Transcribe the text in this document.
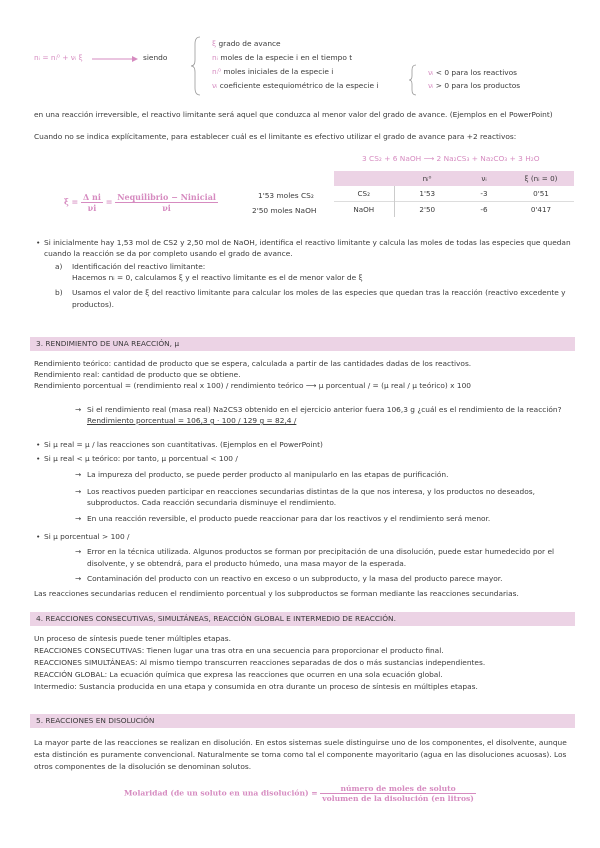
nᵢ = nᵢ⁰ + νᵢ ξ	siendo
ξ grado de avance
nᵢ moles de la especie i en el tiempo t
nᵢ⁰ moles iniciales de la especie i
νᵢ coeficiente estequiométrico de la especie i
νᵢ < 0 para los reactivos
νᵢ > 0 para los productos
en una reacción irreversible, el reactivo limitante será aquel que conduzca al menor valor del grado de avance. (Ejemplos en el PowerPoint)
Cuando no se indica explícitamente, para establecer cuál es el limitante es efectivo utilizar el grado de avance para +2 reactivos:
3 CS₂ + 6 NaOH ⟶ 2 Na₂CS₃ + Na₂CO₃ + 3 H₂O
$\xi = \frac{\text{Δ ni}}{\nu i} = \frac{\text{Nequilibrio − Ninicial}}{\nu i}$	1'53 moles CS₂
2'50 moles NaOH
	nᵢ⁰	νᵢ	ξ (nᵢ = 0)
CS₂	1'53	-3	0'51
NaOH	2'50	-6	0'417
• Si inicialmente hay 1,53 mol de CS2 y 2,50 mol de NaOH, identifica el reactivo limitante y calcula las moles de todas las especies que quedan
cuando la reacción se da por completo usando el grado de avance.
a) Identificación del reactivo limitante:
Hacemos nᵢ = 0, calculamos ξ y el reactivo limitante es el de menor valor de ξ
b) Usamos el valor de ξ del reactivo limitante para calcular los moles de las especies que quedan tras la reacción (reactivo excedente y
productos).
3. RENDIMIENTO DE UNA REACCIÓN, μ
Rendimiento teórico: cantidad de producto que se espera, calculada a partir de las cantidades dadas de los reactivos.
Rendimiento real: cantidad de producto que se obtiene.
Rendimiento porcentual = (rendimiento real x 100) / rendimiento teórico ⟶ μ porcentual / = (μ real / μ teórico) x 100
→ Si el rendimiento real (masa real) Na2CS3 obtenido en el ejercicio anterior fuera 106,3 g ¿cuál es el rendimiento de la reacción?
Rendimiento porcentual = 106,3 g · 100 / 129 g = 82,4 /
• Si μ real = μ / las reacciones son cuantitativas. (Ejemplos en el PowerPoint)
• Si μ real < μ teórico: por tanto, μ porcentual < 100 /
→ La impureza del producto, se puede perder producto al manipularlo en las etapas de purificación.
→ Los reactivos pueden participar en reacciones secundarias distintas de la que nos interesa, y los productos no deseados,
subproductos. Cada reacción secundaria disminuye el rendimiento.
→ En una reacción reversible, el producto puede reaccionar para dar los reactivos y el rendimiento será menor.
• Si μ porcentual > 100 /
→ Error en la técnica utilizada. Algunos productos se forman por precipitación de una disolución, puede estar humedecido por el
disolvente, y se obtendrá, para el producto húmedo, una masa mayor de la esperada.
→ Contaminación del producto con un reactivo en exceso o un subproducto, y la masa del producto parece mayor.
Las reacciones secundarias reducen el rendimiento porcentual y los subproductos se forman mediante las reacciones secundarias.
4. REACCIONES CONSECUTIVAS, SIMULTÁNEAS, REACCIÓN GLOBAL E INTERMEDIO DE REACCIÓN.
Un proceso de síntesis puede tener múltiples etapas.
REACCIONES CONSECUTIVAS: Tienen lugar una tras otra en una secuencia para proporcionar el producto final.
REACCIONES SIMULTÁNEAS: Al mismo tiempo transcurren reacciones separadas de dos o más sustancias independientes.
REACCIÓN GLOBAL: La ecuación química que expresa las reacciones que ocurren en una sola ecuación global.
Intermedio: Sustancia producida en una etapa y consumida en otra durante un proceso de síntesis en múltiples etapas.
5. REACCIONES EN DISOLUCIÓN
La mayor parte de las reacciones se realizan en disolución. En estos sistemas suele distinguirse uno de los componentes, el disolvente, aunque
esta distinción es puramente convencional. Naturalmente se toma como tal el componente mayoritario (agua en las disoluciones acuosas). Los
otros componentes de la disolución se denominan solutos.
Molaridad (de un soluto en una disolución) = $\frac{\text{número de moles de soluto}}{\text{volumen de la disolución (en litros)}}$
